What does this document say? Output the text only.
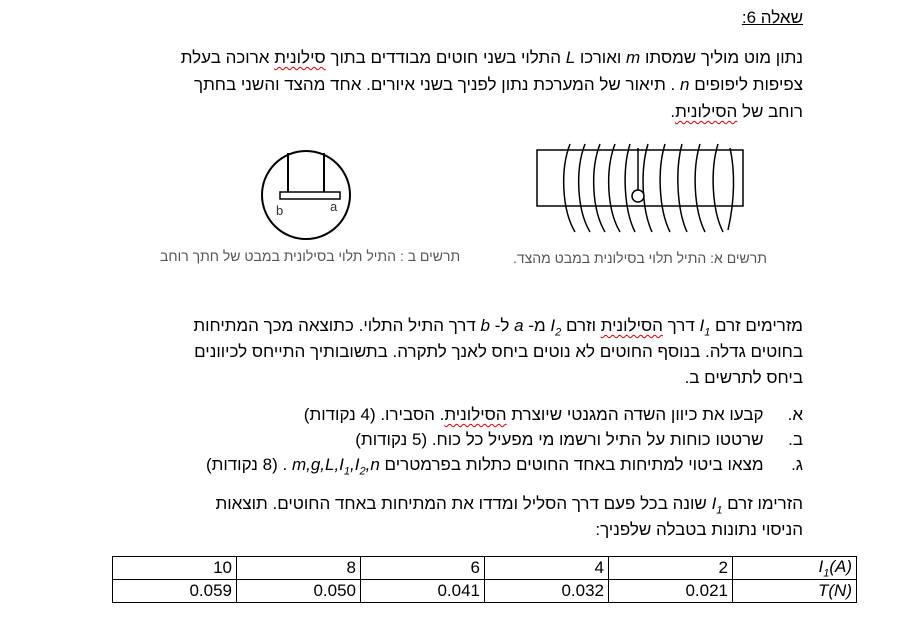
שאלה 6:
נתון מוט מוליך שמסתו m ואורכו L התלוי בשני חוטים מבודדים בתוך סילונית ארוכה בעלת
צפיפות ליפופים n . תיאור של המערכת נתון לפניך בשני איורים. אחד מהצד והשני בחתך
רוחב של הסילונית.
תרשים א: התיל תלוי בסילונית במבט מהצד.
b	a
תרשים ב : התיל תלוי בסילונית במבט של חתך רוחב
מזרימים זרם $I_1$ דרך הסילונית וזרם $I_2$ מ- a ל- b דרך התיל התלוי. כתוצאה מכך המתיחות
בחוטים גדלה. בנוסף החוטים לא נוטים ביחס לאנך לתקרה. בתשובותיך התייחס לכיוונים
ביחס לתרשים ב.
א.  קבעו את כיוון השדה המגנטי שיוצרת הסילונית. הסבירו. (4 נקודות)
ב.  שרטטו כוחות על התיל ורשמו מי מפעיל כל כוח. (5 נקודות)
ג.  מצאו ביטוי למתיחות באחד החוטים כתלות בפרמטרים $m,g,L,I_1,I_2,n$ . (8 נקודות)
הזרימו זרם $I_1$ שונה בכל פעם דרך הסליל ומדדו את המתיחות באחד החוטים. תוצאות
הניסוי נתונות בטבלה שלפניך:
10	8	6	4	2	$I_1(A)$
0.059	0.050	0.041	0.032	0.021	T(N)
